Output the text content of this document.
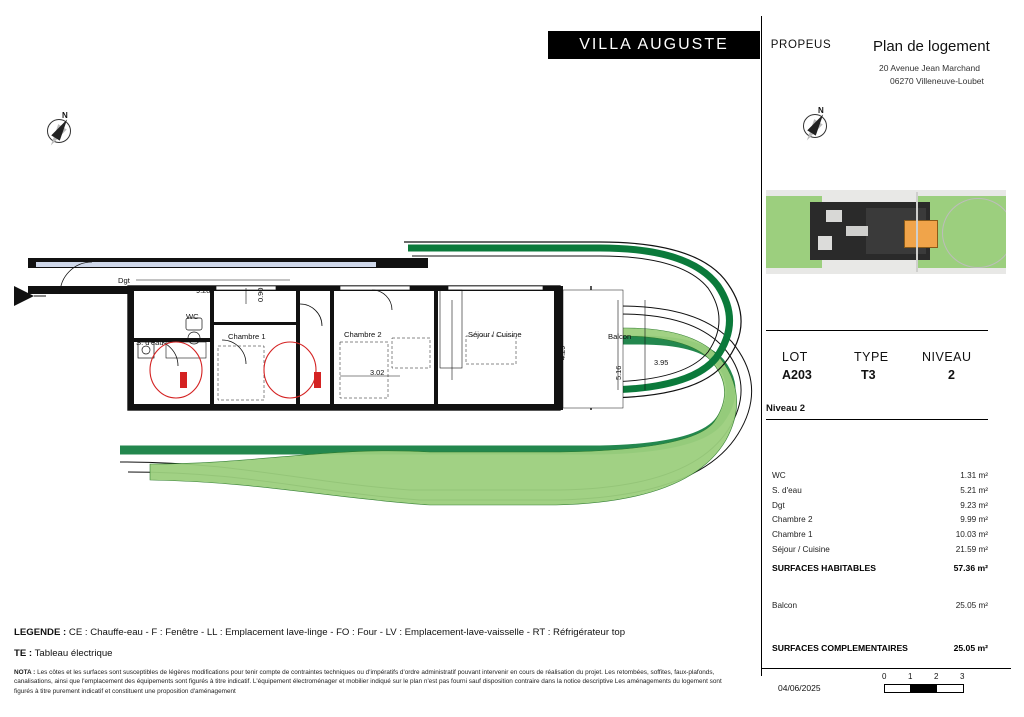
VILLA AUGUSTE	PROPEUS	Plan de logement
20 Avenue Jean Marchand
06270 Villeneuve-Loubet
N
N
LOT	TYPE	NIVEAU
A203	T3	2
Niveau 2
WC	1.31 m²
S. d'eau	5.21 m²
Dgt	9.23 m²
Chambre 2	9.99 m²
Chambre 1	10.03 m²
Séjour / Cuisine	21.59 m²
SURFACES HABITABLES	57.36 m²
Balcon	25.05 m²
SURFACES COMPLEMENTAIRES	25.05 m²
04/06/2025
0	1	2	3
LEGENDE : CE : Chauffe-eau - F : Fenêtre - LL : Emplacement lave-linge - FO : Four - LV : Emplacement-lave-vaisselle - RT : Réfrigérateur top
TE : Tableau électrique
NOTA : Les côtes et les surfaces sont susceptibles de légères modifications pour tenir compte de contraintes techniques ou d'impératifs d'ordre administratif pouvant intervenir en cours de réalisation du projet. Les retombées, soffites, faux-plafonds, canalisations, ainsi que l'emplacement des équipements sont figurés à titre indicatif. L'équipement électroménager et mobilier indiqué sur le plan n'est pas fourni sauf disposition contraire dans la notice descriptive Les aménagements du logement sont figurés à titre purement indicatif et constituent une proposition d'aménagement
Dgt
WC
S. d'eau
Chambre 1	Chambre 2	Séjour / Cuisine	Balcon
9.28	0.90
3.02
4.29
5.16
3.95
